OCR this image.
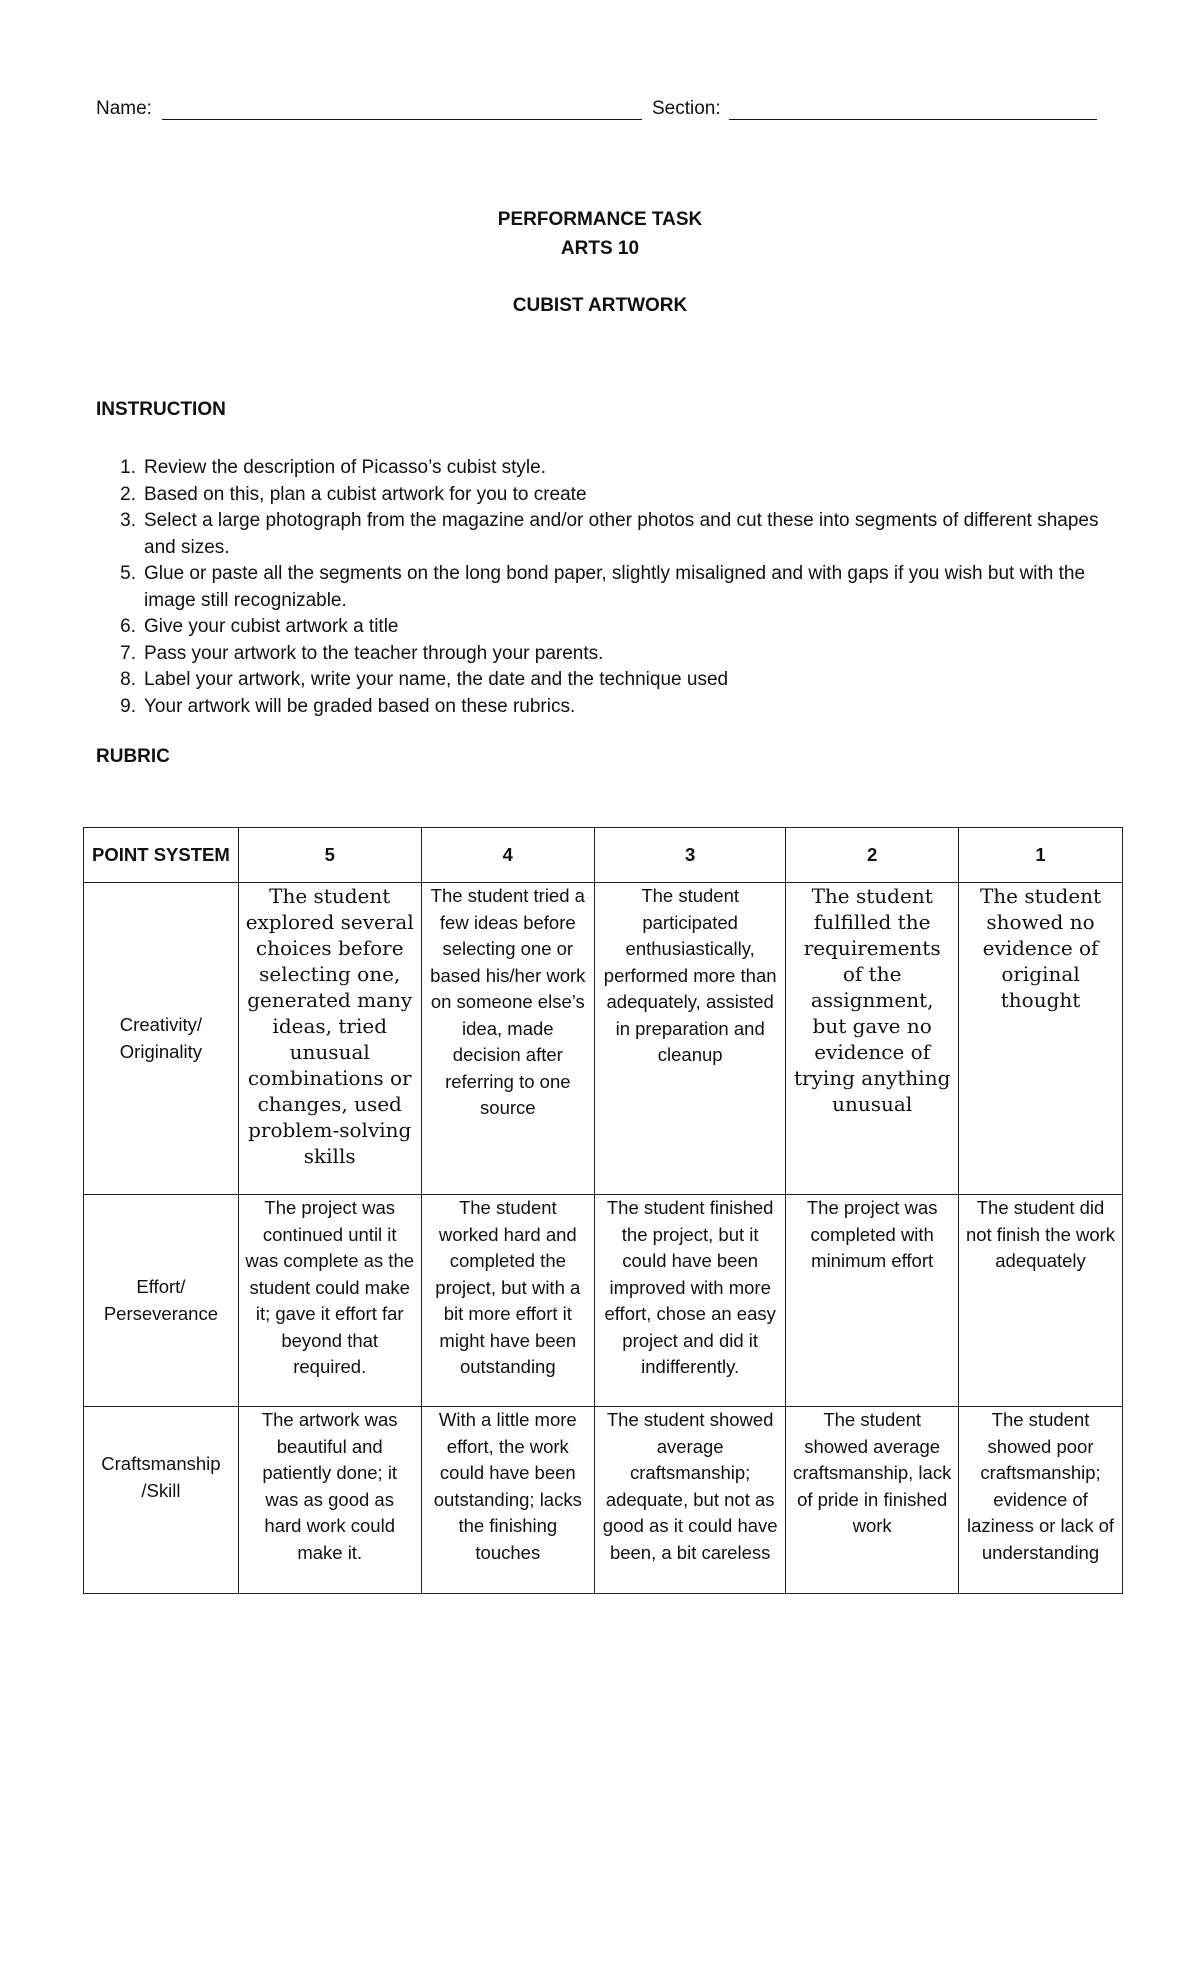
Name:	Section:
PERFORMANCE TASK
ARTS 10
CUBIST ARTWORK
INSTRUCTION
1. Review the description of Picasso’s cubist style.
2. Based on this, plan a cubist artwork for you to create
3. Select a large photograph from the magazine and/or other photos and cut these into segments of different shapes and sizes.
5. Glue or paste all the segments on the long bond paper, slightly misaligned and with gaps if you wish but with the image still recognizable.
6. Give your cubist artwork a title
7. Pass your artwork to the teacher through your parents.
8. Label your artwork, write your name, the date and the technique used
9. Your artwork will be graded based on these rubrics.
RUBRIC
POINT SYSTEM	5	4	3	2	1
Creativity/ Originality	The student explored several choices before selecting one, generated many ideas, tried unusual combinations or changes, used problem-solving skills	The student tried a few ideas before selecting one or based his/her work on someone else’s idea, made decision after referring to one source	The student participated enthusiastically, performed more than adequately, assisted in preparation and cleanup	The student fulfilled the requirements of the assignment, but gave no evidence of trying anything unusual	The student showed no evidence of original thought
Effort/ Perseverance	The project was continued until it was complete as the student could make it; gave it effort far beyond that required.	The student worked hard and completed the project, but with a bit more effort it might have been outstanding	The student finished the project, but it could have been improved with more effort, chose an easy project and did it indifferently.	The project was completed with minimum effort	The student did not finish the work adequately
Craftsmanship /Skill	The artwork was beautiful and patiently done; it was as good as hard work could make it.	With a little more effort, the work could have been outstanding; lacks the finishing touches	The student showed average craftsmanship; adequate, but not as good as it could have been, a bit careless	The student showed average craftsmanship, lack of pride in finished work	The student showed poor craftsmanship; evidence of laziness or lack of understanding
